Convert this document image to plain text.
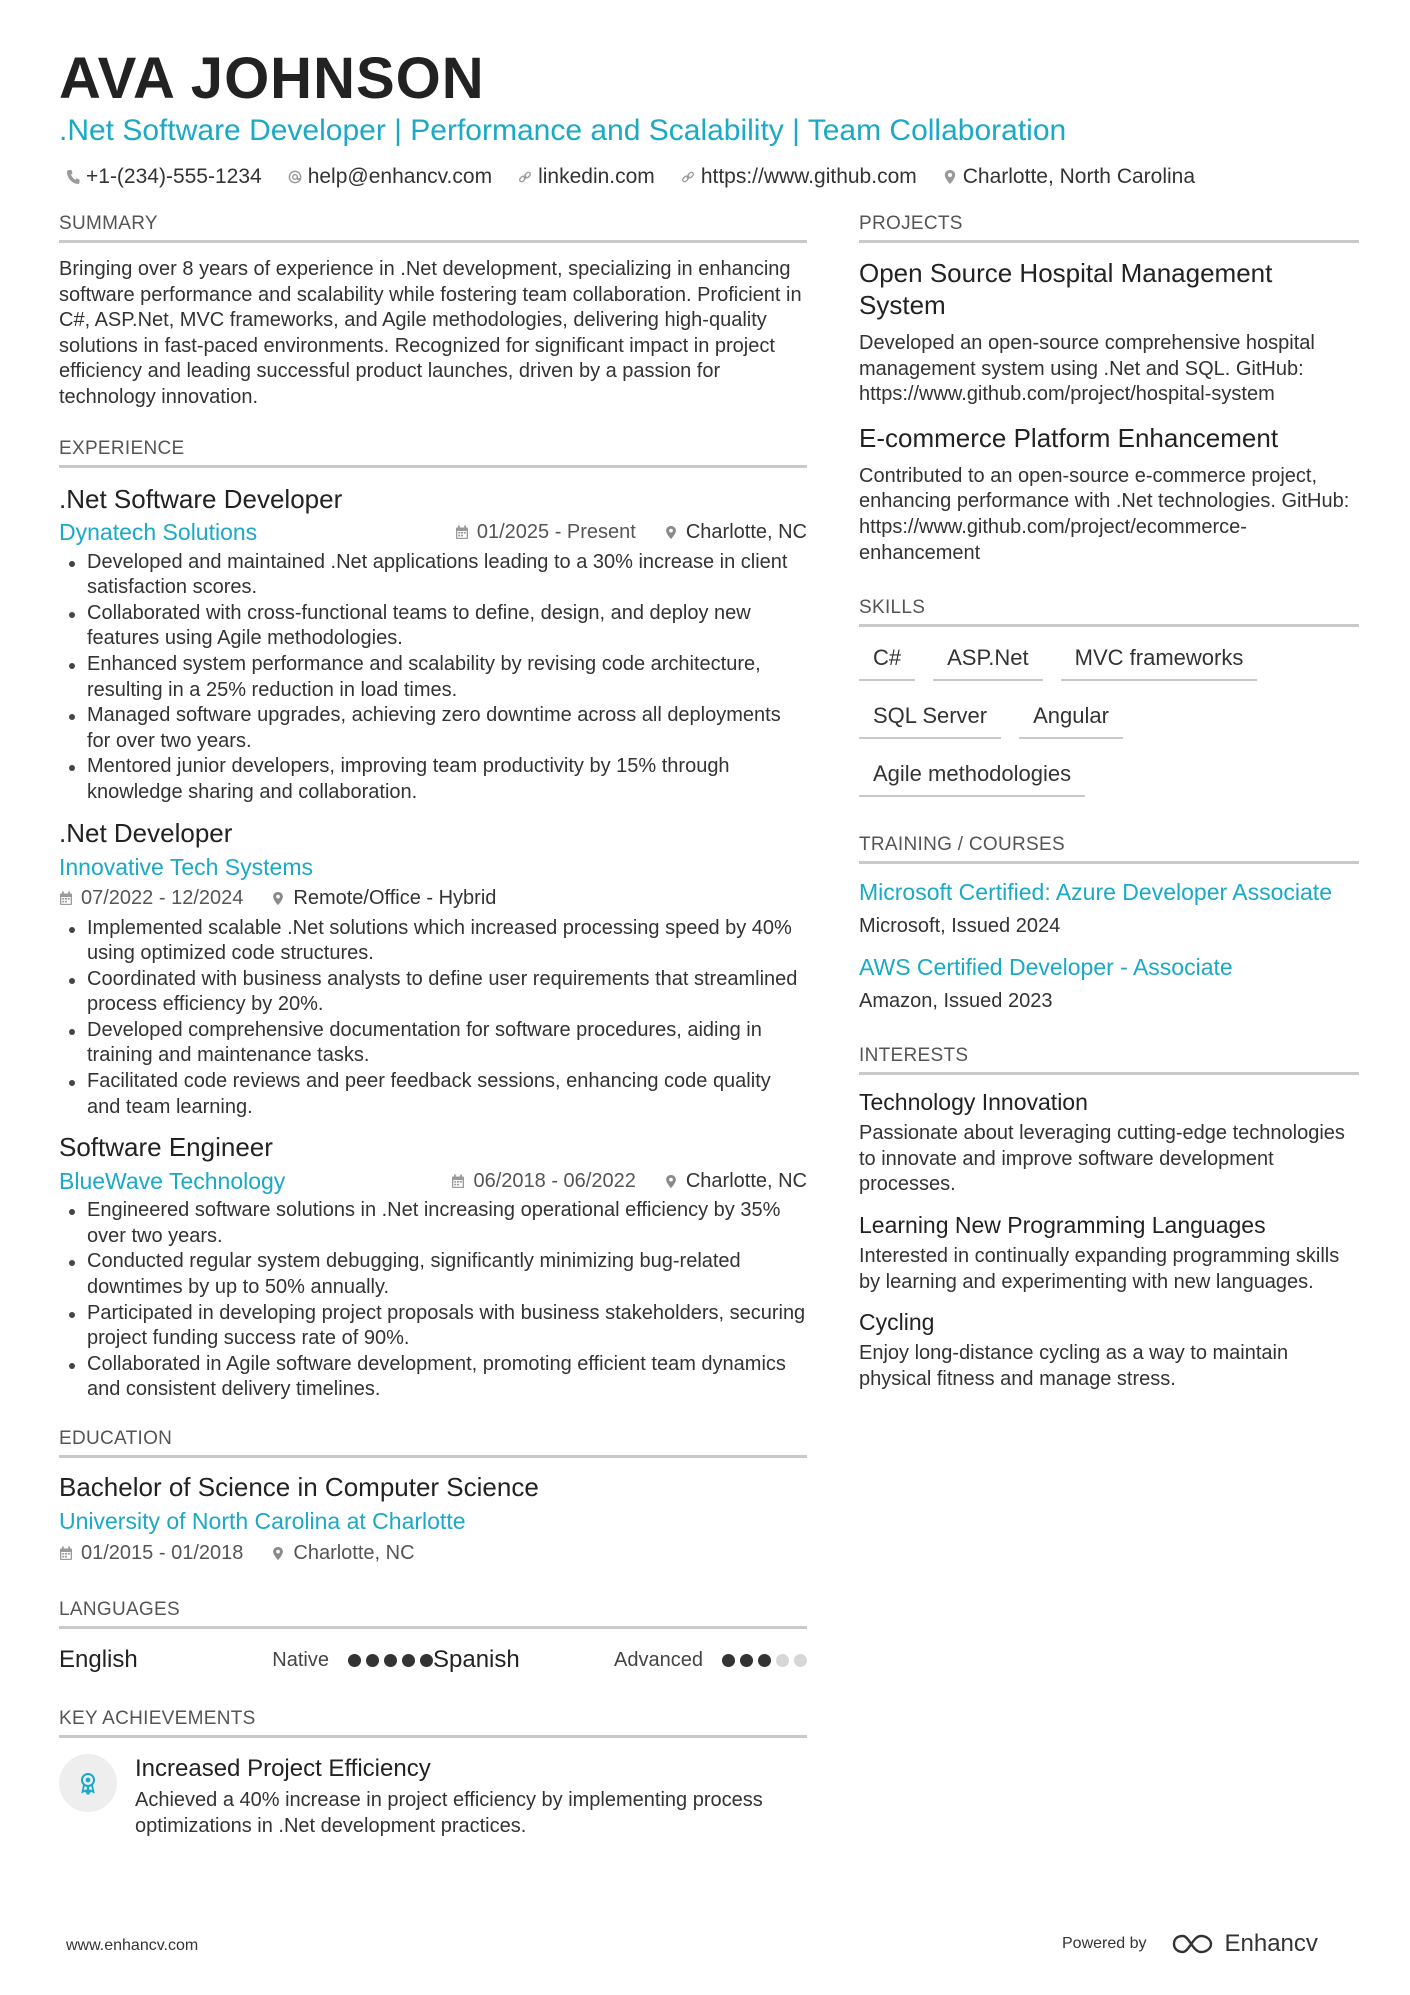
AVA JOHNSON
.Net Software Developer | Performance and Scalability | Team Collaboration
+1-(234)-555-1234 help@enhancv.com linkedin.com https://www.github.com Charlotte, North Carolina
SUMMARY
Bringing over 8 years of experience in .Net development, specializing in enhancing software performance and scalability while fostering team collaboration. Proficient in C#, ASP.Net, MVC frameworks, and Agile methodologies, delivering high-quality solutions in fast-paced environments. Recognized for significant impact in project efficiency and leading successful product launches, driven by a passion for technology innovation.
EXPERIENCE
.Net Software Developer
Dynatech Solutions	01/2025 - Present	Charlotte, NC
Developed and maintained .Net applications leading to a 30% increase in client satisfaction scores.
Collaborated with cross-functional teams to define, design, and deploy new features using Agile methodologies.
Enhanced system performance and scalability by revising code architecture, resulting in a 25% reduction in load times.
Managed software upgrades, achieving zero downtime across all deployments for over two years.
Mentored junior developers, improving team productivity by 15% through knowledge sharing and collaboration.
.Net Developer
Innovative Tech Systems
07/2022 - 12/2024	Remote/Office - Hybrid
Implemented scalable .Net solutions which increased processing speed by 40% using optimized code structures.
Coordinated with business analysts to define user requirements that streamlined process efficiency by 20%.
Developed comprehensive documentation for software procedures, aiding in training and maintenance tasks.
Facilitated code reviews and peer feedback sessions, enhancing code quality and team learning.
Software Engineer
BlueWave Technology	06/2018 - 06/2022	Charlotte, NC
Engineered software solutions in .Net increasing operational efficiency by 35% over two years.
Conducted regular system debugging, significantly minimizing bug-related downtimes by up to 50% annually.
Participated in developing project proposals with business stakeholders, securing project funding success rate of 90%.
Collaborated in Agile software development, promoting efficient team dynamics and consistent delivery timelines.
EDUCATION
Bachelor of Science in Computer Science
University of North Carolina at Charlotte
01/2015 - 01/2018	Charlotte, NC
LANGUAGES
English	Native	Spanish	Advanced
KEY ACHIEVEMENTS
Increased Project Efficiency
Achieved a 40% increase in project efficiency by implementing process optimizations in .Net development practices.
PROJECTS
Open Source Hospital Management System
Developed an open-source comprehensive hospital management system using .Net and SQL. GitHub: https://www.github.com/project/hospital-system
E-commerce Platform Enhancement
Contributed to an open-source e-commerce project, enhancing performance with .Net technologies. GitHub: https://www.github.com/project/ecommerce-enhancement
SKILLS
C#	ASP.Net	MVC frameworks
SQL Server	Angular
Agile methodologies
TRAINING / COURSES
Microsoft Certified: Azure Developer Associate
Microsoft, Issued 2024
AWS Certified Developer - Associate
Amazon, Issued 2023
INTERESTS
Technology Innovation
Passionate about leveraging cutting-edge technologies to innovate and improve software development processes.
Learning New Programming Languages
Interested in continually expanding programming skills by learning and experimenting with new languages.
Cycling
Enjoy long-distance cycling as a way to maintain physical fitness and manage stress.
www.enhancv.com	Powered by	Enhancv
